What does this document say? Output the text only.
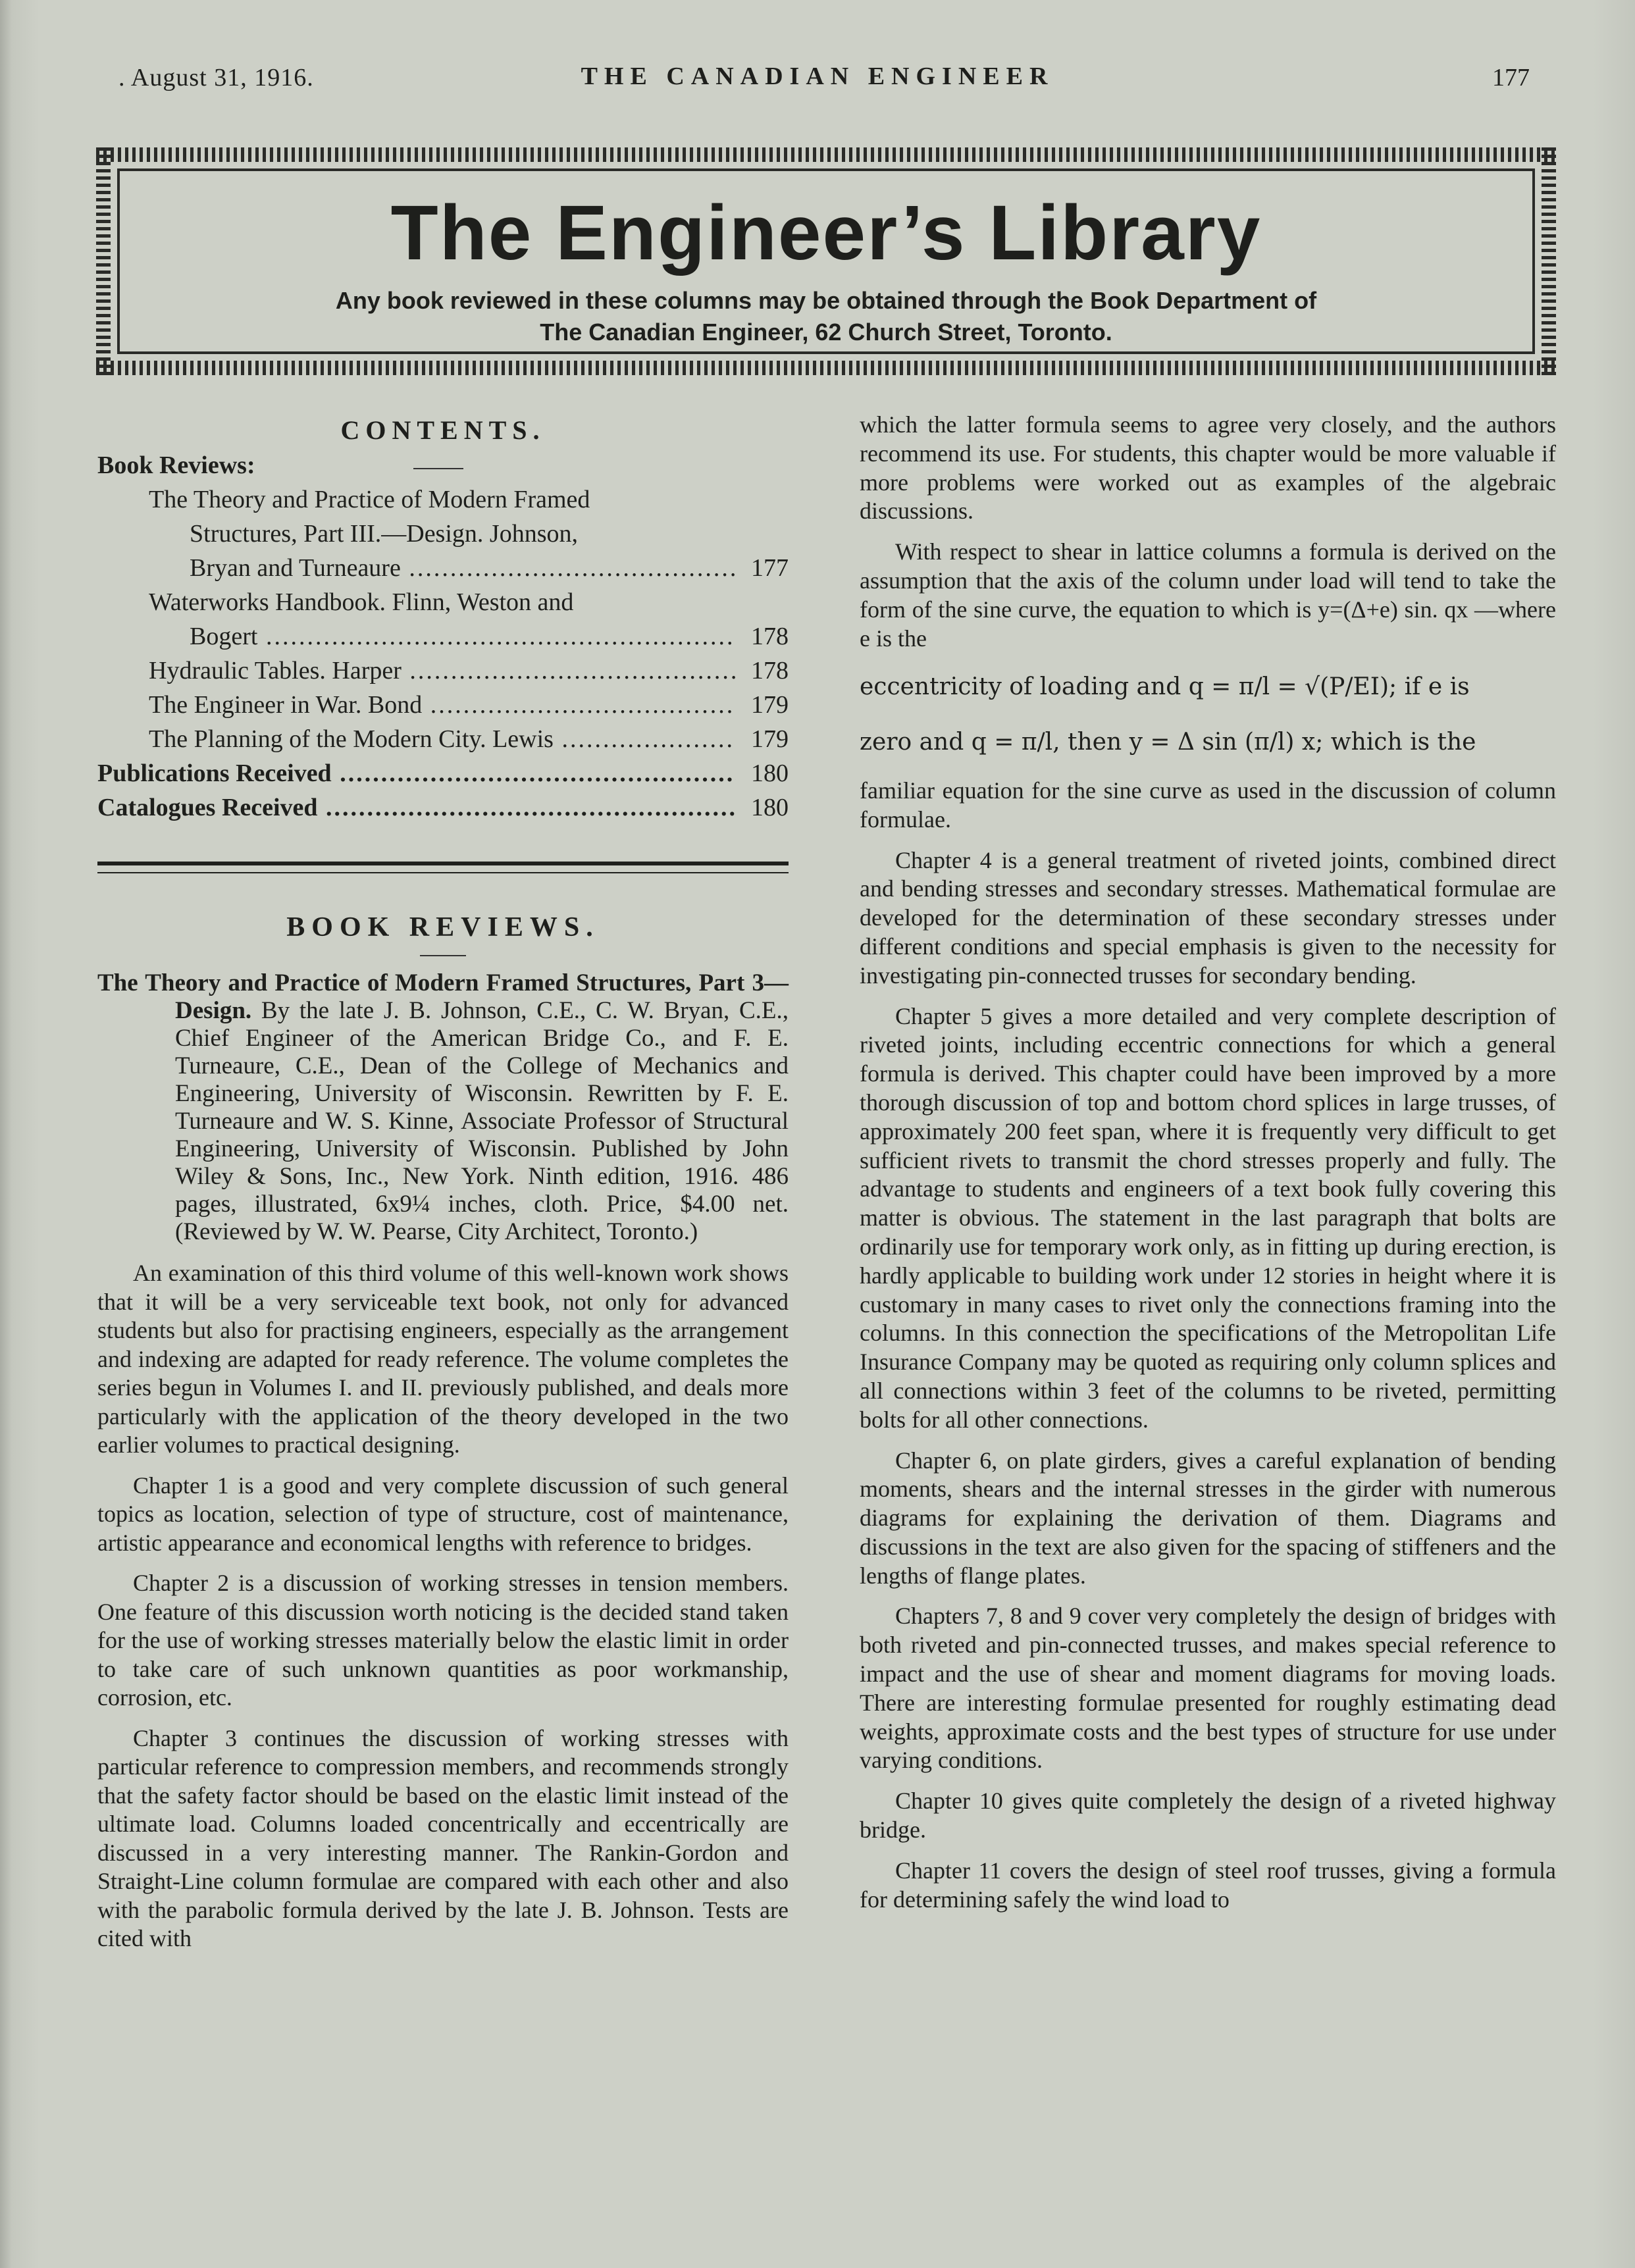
. August 31, 1916.	THE CANADIAN ENGINEER	177
The Engineer’s Library
Any book reviewed in these columns may be obtained through the Book Department of
The Canadian Engineer, 62 Church Street, Toronto.
CONTENTS.
Book Reviews:
The Theory and Practice of Modern Framed
Structures, Part III.—Design. Johnson,
Bryan and Turneaure .....	177
Waterworks Handbook. Flinn, Weston and
Bogert .....	178
Hydraulic Tables. Harper .....	178
The Engineer in War. Bond .....	179
The Planning of the Modern City. Lewis .....	179
Publications Received .....	180
Catalogues Received .....	180
BOOK REVIEWS.
The Theory and Practice of Modern Framed Structures, Part 3—Design. By the late J. B. Johnson, C.E., C. W. Bryan, C.E., Chief Engineer of the American Bridge Co., and F. E. Turneaure, C.E., Dean of the College of Mechanics and Engineering, University of Wisconsin. Rewritten by F. E. Turneaure and W. S. Kinne, Associate Professor of Structural Engineering, University of Wisconsin. Published by John Wiley & Sons, Inc., New York. Ninth edition, 1916. 486 pages, illustrated, 6x9¼ inches, cloth. Price, $4.00 net. (Reviewed by W. W. Pearse, City Architect, Toronto.)

An examination of this third volume of this well-known work shows that it will be a very serviceable text book, not only for advanced students but also for practising engineers, especially as the arrangement and indexing are adapted for ready reference. The volume completes the series begun in Volumes I. and II. previously published, and deals more particularly with the application of the theory developed in the two earlier volumes to practical designing.

Chapter 1 is a good and very complete discussion of such general topics as location, selection of type of structure, cost of maintenance, artistic appearance and economical lengths with reference to bridges.

Chapter 2 is a discussion of working stresses in tension members. One feature of this discussion worth noticing is the decided stand taken for the use of working stresses materially below the elastic limit in order to take care of such unknown quantities as poor workmanship, corrosion, etc.

Chapter 3 continues the discussion of working stresses with particular reference to compression members, and recommends strongly that the safety factor should be based on the elastic limit instead of the ultimate load. Columns loaded concentrically and eccentrically are discussed in a very interesting manner. The Rankin-Gordon and Straight-Line column formulae are compared with each other and also with the parabolic formula derived by the late J. B. Johnson. Tests are cited with

which the latter formula seems to agree very closely, and the authors recommend its use. For students, this chapter would be more valuable if more problems were worked out as examples of the algebraic discussions.

With respect to shear in lattice columns a formula is derived on the assumption that the axis of the column under load will tend to take the form of the sine curve, the equation to which is y=(Δ+e) sin. qx —where e is the

eccentricity of loading and q = π/l = √(P/EI); if e is

zero and q = π/l, then y = Δ sin (π/l) x; which is the

familiar equation for the sine curve as used in the discussion of column formulae.

Chapter 4 is a general treatment of riveted joints, combined direct and bending stresses and secondary stresses. Mathematical formulae are developed for the determination of these secondary stresses under different conditions and special emphasis is given to the necessity for investigating pin-connected trusses for secondary bending.

Chapter 5 gives a more detailed and very complete description of riveted joints, including eccentric connections for which a general formula is derived. This chapter could have been improved by a more thorough discussion of top and bottom chord splices in large trusses, of approximately 200 feet span, where it is frequently very difficult to get sufficient rivets to transmit the chord stresses properly and fully. The advantage to students and engineers of a text book fully covering this matter is obvious. The statement in the last paragraph that bolts are ordinarily use for temporary work only, as in fitting up during erection, is hardly applicable to building work under 12 stories in height where it is customary in many cases to rivet only the connections framing into the columns. In this connection the specifications of the Metropolitan Life Insurance Company may be quoted as requiring only column splices and all connections within 3 feet of the columns to be riveted, permitting bolts for all other connections.

Chapter 6, on plate girders, gives a careful explanation of bending moments, shears and the internal stresses in the girder with numerous diagrams for explaining the derivation of them. Diagrams and discussions in the text are also given for the spacing of stiffeners and the lengths of flange plates.

Chapters 7, 8 and 9 cover very completely the design of bridges with both riveted and pin-connected trusses, and makes special reference to impact and the use of shear and moment diagrams for moving loads. There are interesting formulae presented for roughly estimating dead weights, approximate costs and the best types of structure for use under varying conditions.

Chapter 10 gives quite completely the design of a riveted highway bridge.

Chapter 11 covers the design of steel roof trusses, giving a formula for determining safely the wind load to
